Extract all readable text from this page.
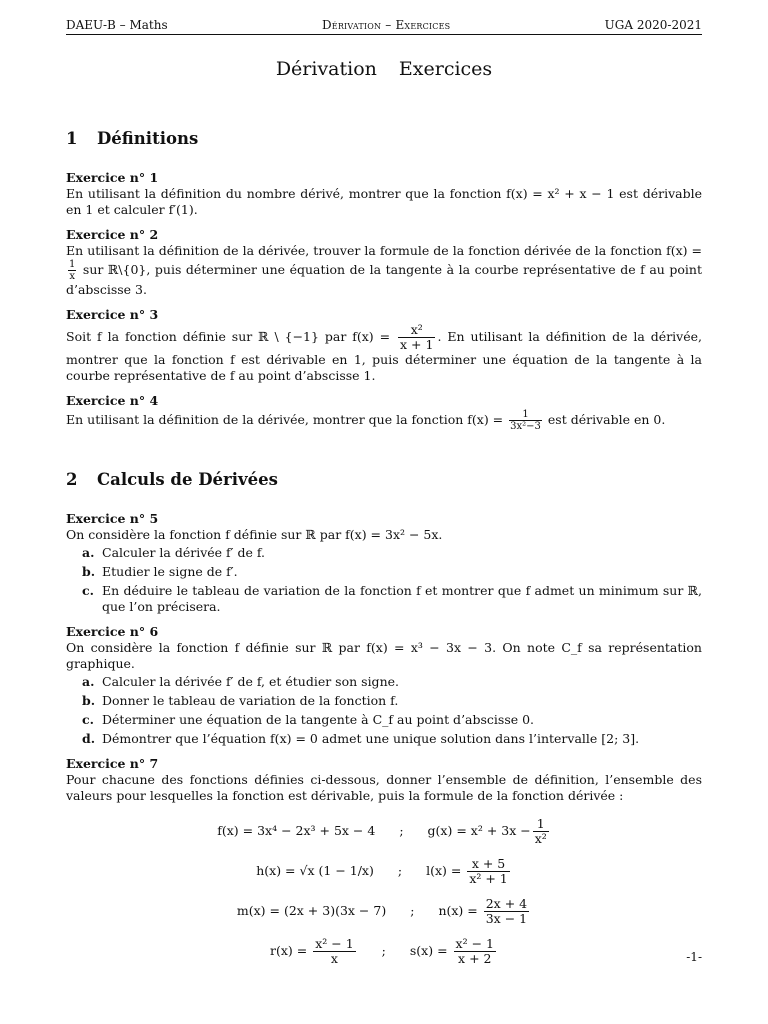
DAEU-B – Maths	Dérivation – Exercices	UGA 2020-2021
Dérivation Exercices
1 Définitions
Exercice n° 1
En utilisant la définition du nombre dérivé, montrer que la fonction f(x) = x² + x − 1 est dérivable en 1 et calculer f′(1).
Exercice n° 2
En utilisant la définition de la dérivée, trouver la formule de la fonction dérivée de la fonction f(x) =
$\frac{1}{x}$ sur ℝ\{0}, puis déterminer une équation de la tangente à la courbe représentative de f au point d’abscisse 3.
Exercice n° 3
Soit f la fonction définie sur ℝ \ {−1} par $f(x) = \frac{\text{x²}}{x + 1}$ . En utilisant la définition de la dérivée, montrer que la fonction f est dérivable en 1, puis déterminer une équation de la tangente à la courbe représentative de f au point d’abscisse 1.
Exercice n° 4
En utilisant la définition de la dérivée, montrer que la fonction $f(x) = \frac{1}{\text{3x²−3}}$ est dérivable en 0.
2 Calculs de Dérivées
Exercice n° 5
On considère la fonction f définie sur ℝ par f(x) = 3x² − 5x.
a. Calculer la dérivée f′ de f.
b. Etudier le signe de f′.
c. En déduire le tableau de variation de la fonction f et montrer que f admet un minimum sur ℝ, que l’on précisera.
Exercice n° 6
On considère la fonction f définie sur ℝ par f(x) = x³ − 3x − 3. On note C_f sa représentation graphique.
a. Calculer la dérivée f′ de f, et étudier son signe.
b. Donner le tableau de variation de la fonction f.
c. Déterminer une équation de la tangente à C_f au point d’abscisse 0.
d. Démontrer que l’équation f(x) = 0 admet une unique solution dans l’intervalle [2; 3].
Exercice n° 7
Pour chacune des fonctions définies ci-dessous, donner l’ensemble de définition, l’ensemble des valeurs pour lesquelles la fonction est dérivable, puis la formule de la fonction dérivée :
f(x) =
3x⁴ − 2x³ + 5x − 4 ; g(x) =
$x^2 + 3x - \frac{1}{\text{x²}}$
h(x) =
√x (1 − 1/x) ; l(x) =
$\frac{x + 5}{\text{x² + 1}}$
m(x) =
(2x + 3)(3x − 7) ; n(x) =
$\frac{2x + 4}{3x - 1}$
r(x) =
$\frac{\text{x² − 1}}{x}$ ; s(x) =
$\frac{\text{x² − 1}}{x + 2}$	-1-
